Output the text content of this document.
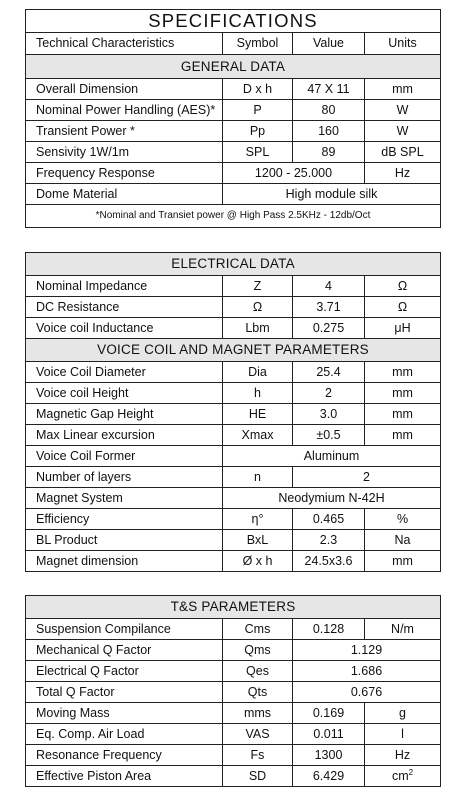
SPECIFICATIONS			
Technical Characteristics	Symbol	Value	Units
GENERAL DATA			
Overall Dimension	D x h	47 X 11	mm
Nominal Power Handling (AES)*	P	80	W
Transient Power *	Pp	160	W
Sensivity 1W/1m	SPL	89	dB SPL
Frequency Response	1200 - 25.000		Hz
Dome Material	High module silk		
*Nominal and Transiet power @ High Pass 2.5KHz - 12db/Oct			
ELECTRICAL DATA			
Nominal Impedance	Z	4	Ω
DC Resistance	Ω	3.71	Ω
Voice coil Inductance	Lbm	0.275	μH
VOICE COIL AND MAGNET PARAMETERS			
Voice Coil Diameter	Dia	25.4	mm
Voice coil Height	h	2	mm
Magnetic Gap Height	HE	3.0	mm
Max Linear excursion	Xmax	±0.5	mm
Voice Coil Former	Aluminum		
Number of layers	n	2	
Magnet System	Neodymium N-42H		
Efficiency	η°	0.465	%
BL Product	BxL	2.3	Na
Magnet dimension	Ø x h	24.5x3.6	mm
T&S PARAMETERS			
Suspension Compilance	Cms	0.128	N/m
Mechanical Q Factor	Qms	1.129	
Electrical Q Factor	Qes	1.686	
Total Q Factor	Qts	0.676	
Moving Mass	mms	0.169	g
Eq. Comp. Air Load	VAS	0.011	l
Resonance Frequency	Fs	1300	Hz
Effective Piston Area	SD	6.429	$cm^2$
